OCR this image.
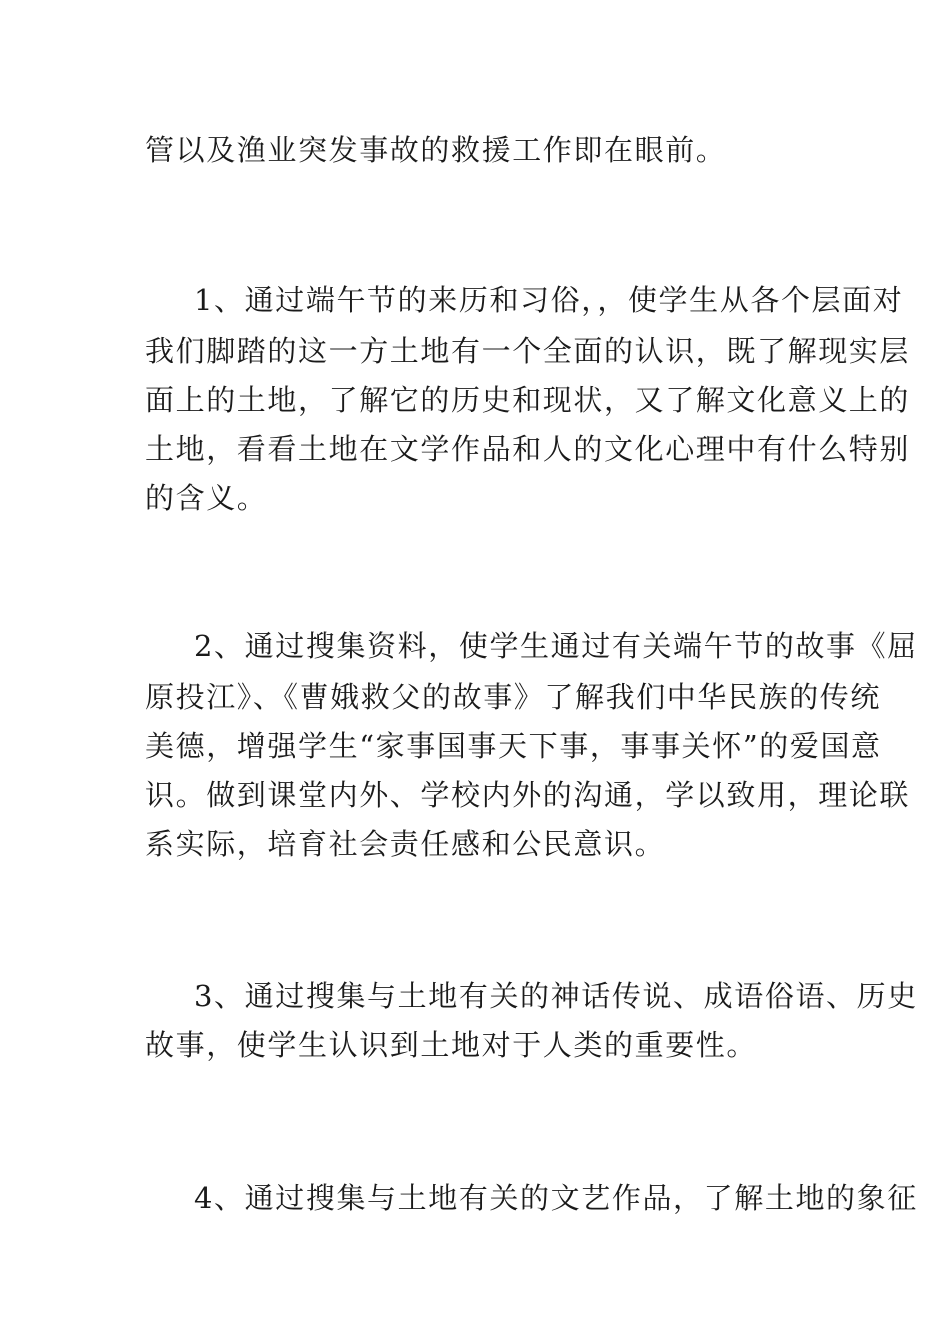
管以及渔业突发事故的救援工作即在眼前。

1、通过端午节的来历和习俗，，使学生从各个层面对

我们脚踏的这一方土地有一个全面的认识，既了解现实层

面上的土地，了解它的历史和现状，又了解文化意义上的

土地，看看土地在文学作品和人的文化心理中有什么特别

的含义。

2、通过搜集资料，使学生通过有关端午节的故事《屈

原投江》、《曹娥救父的故事》了解我们中华民族的传统

美德，增强学生“家事国事天下事，事事关怀”的爱国意

识。做到课堂内外、学校内外的沟通，学以致用，理论联

系实际，培育社会责任感和公民意识。

3、通过搜集与土地有关的神话传说、成语俗语、历史

故事，使学生认识到土地对于人类的重要性。

4、通过搜集与土地有关的文艺作品，了解土地的象征
